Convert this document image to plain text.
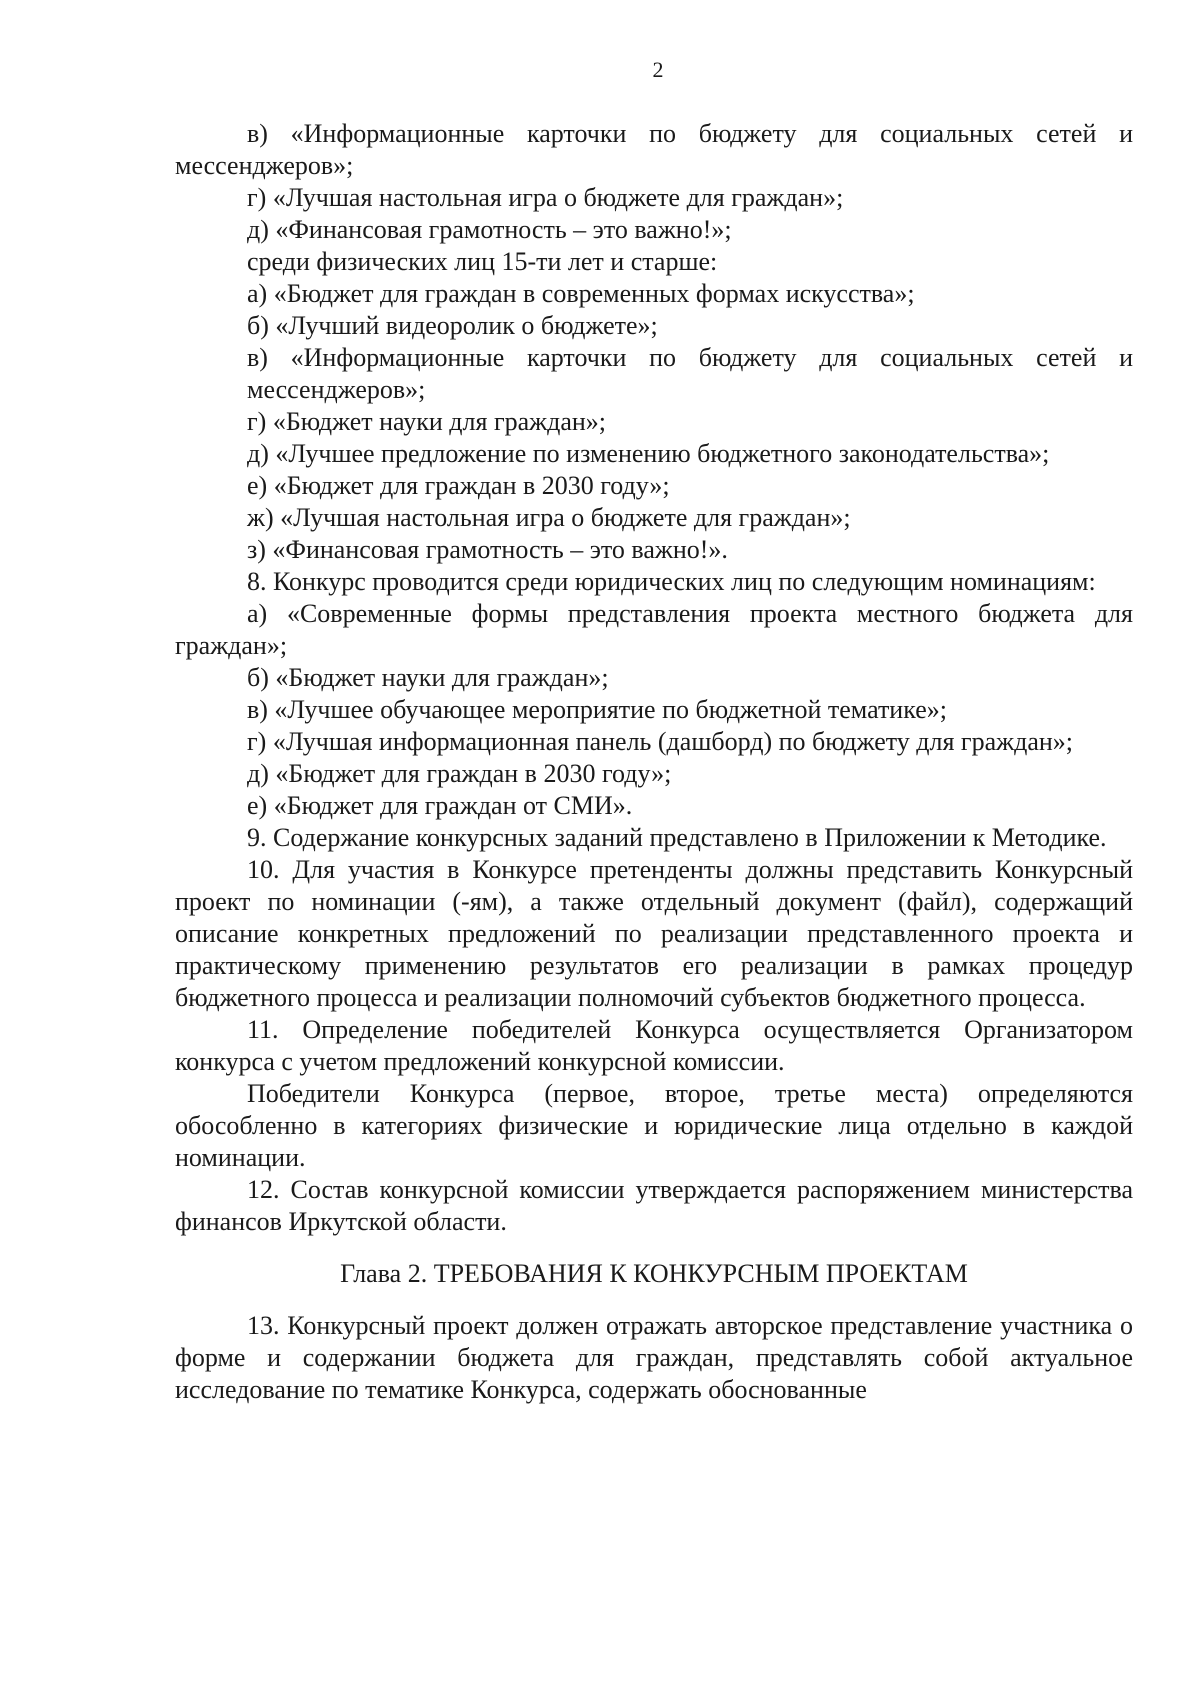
2
в) «Информационные карточки по бюджету для социальных сетей и мессенджеров»;
г) «Лучшая настольная игра о бюджете для граждан»;
д) «Финансовая грамотность – это важно!»;
среди физических лиц 15-ти лет и старше:
а) «Бюджет для граждан в современных формах искусства»;
б) «Лучший видеоролик о бюджете»;
в) «Информационные карточки по бюджету для социальных сетей и мессенджеров»;
г) «Бюджет науки для граждан»;
д) «Лучшее предложение по изменению бюджетного законодательства»;
е) «Бюджет для граждан в 2030 году»;
ж) «Лучшая настольная игра о бюджете для граждан»;
з) «Финансовая грамотность – это важно!».
8. Конкурс проводится среди юридических лиц по следующим номинациям:
а) «Современные формы представления проекта местного бюджета для граждан»;
б) «Бюджет науки для граждан»;
в) «Лучшее обучающее мероприятие по бюджетной тематике»;
г) «Лучшая информационная панель (дашборд) по бюджету для граждан»;
д) «Бюджет для граждан в 2030 году»;
е) «Бюджет для граждан от СМИ».
9. Содержание конкурсных заданий представлено в Приложении к Методике.
10. Для участия в Конкурсе претенденты должны представить Конкурсный проект по номинации (-ям), а также отдельный документ (файл), содержащий описание конкретных предложений по реализации представленного проекта и практическому применению результатов его реализации в рамках процедур бюджетного процесса и реализации полномочий субъектов бюджетного процесса.
11. Определение победителей Конкурса осуществляется Организатором конкурса с учетом предложений конкурсной комиссии.
Победители Конкурса (первое, второе, третье места) определяются обособленно в категориях физические и юридические лица отдельно в каждой номинации.
12. Состав конкурсной комиссии утверждается распоряжением министерства финансов Иркутской области.
Глава 2. ТРЕБОВАНИЯ К КОНКУРСНЫМ ПРОЕКТАМ
13. Конкурсный проект должен отражать авторское представление участника о форме и содержании бюджета для граждан, представлять собой актуальное исследование по тематике Конкурса, содержать обоснованные
